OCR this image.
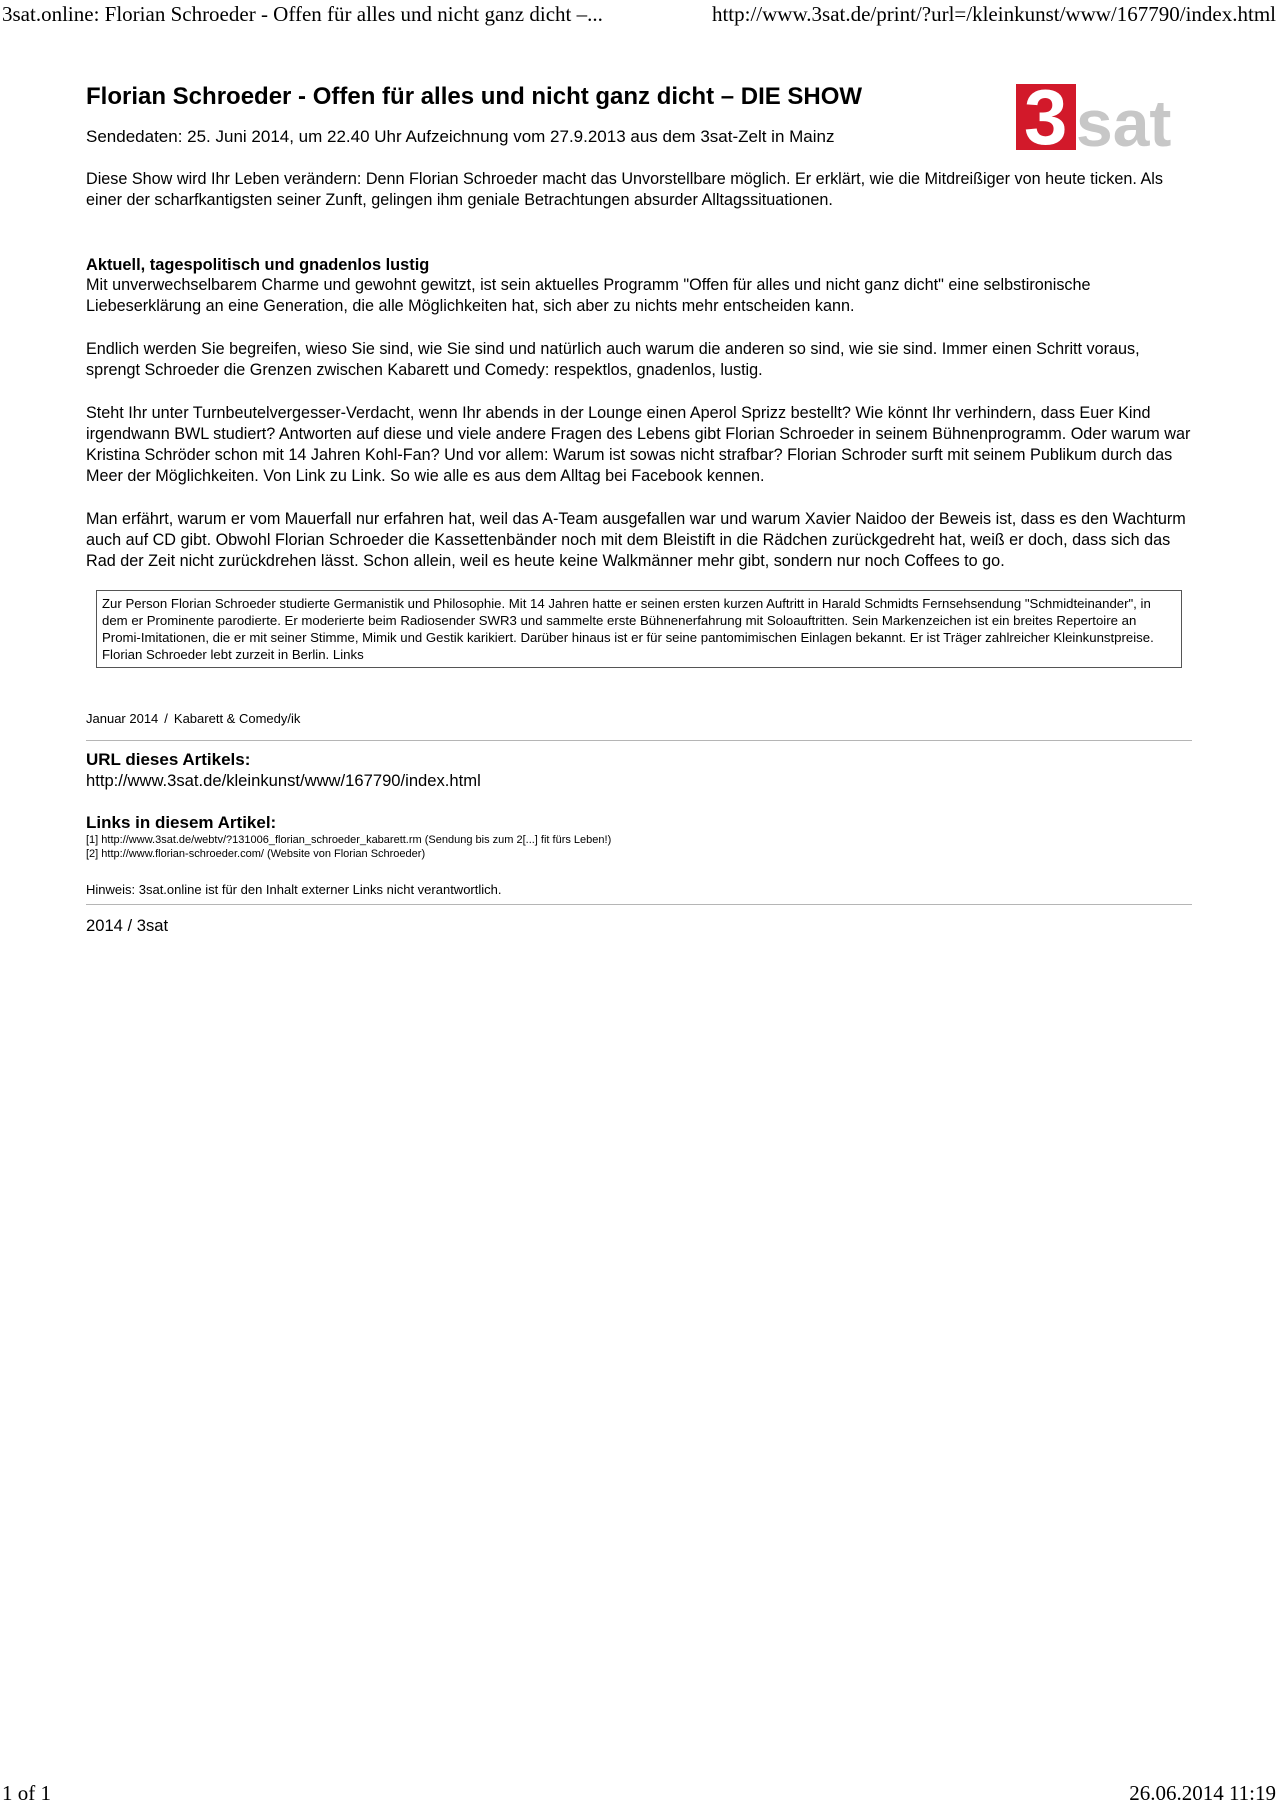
3sat.online: Florian Schroeder - Offen für alles und nicht ganz dicht –...	http://www.3sat.de/print/?url=/kleinkunst/www/167790/index.html
3 sat
Florian Schroeder - Offen für alles und nicht ganz dicht – DIE SHOW

Sendedaten: 25. Juni 2014, um 22.40 Uhr Aufzeichnung vom 27.9.2013 aus dem 3sat-Zelt in Mainz

Diese Show wird Ihr Leben verändern: Denn Florian Schroeder macht das Unvorstellbare möglich. Er erklärt, wie die Mitdreißiger von heute ticken. Als einer der scharfkantigsten seiner Zunft, gelingen ihm geniale Betrachtungen absurder Alltagssituationen.

Aktuell, tagespolitisch und gnadenlos lustig

Mit unverwechselbarem Charme und gewohnt gewitzt, ist sein aktuelles Programm "Offen für alles und nicht ganz dicht" eine selbstironische Liebeserklärung an eine Generation, die alle Möglichkeiten hat, sich aber zu nichts mehr entscheiden kann.

Endlich werden Sie begreifen, wieso Sie sind, wie Sie sind und natürlich auch warum die anderen so sind, wie sie sind. Immer einen Schritt voraus, sprengt Schroeder die Grenzen zwischen Kabarett und Comedy: respektlos, gnadenlos, lustig.

Steht Ihr unter Turnbeutelvergesser-Verdacht, wenn Ihr abends in der Lounge einen Aperol Sprizz bestellt? Wie könnt Ihr verhindern, dass Euer Kind irgendwann BWL studiert? Antworten auf diese und viele andere Fragen des Lebens gibt Florian Schroeder in seinem Bühnenprogramm. Oder warum war Kristina Schröder schon mit 14 Jahren Kohl-Fan? Und vor allem: Warum ist sowas nicht strafbar? Florian Schroder surft mit seinem Publikum durch das Meer der Möglichkeiten. Von Link zu Link. So wie alle es aus dem Alltag bei Facebook kennen.

Man erfährt, warum er vom Mauerfall nur erfahren hat, weil das A-Team ausgefallen war und warum Xavier Naidoo der Beweis ist, dass es den Wachturm auch auf CD gibt. Obwohl Florian Schroeder die Kassettenbänder noch mit dem Bleistift in die Rädchen zurückgedreht hat, weiß er doch, dass sich das Rad der Zeit nicht zurückdrehen lässt. Schon allein, weil es heute keine Walkmänner mehr gibt, sondern nur noch Coffees to go.

Zur Person Florian Schroeder studierte Germanistik und Philosophie. Mit 14 Jahren hatte er seinen ersten kurzen Auftritt in Harald Schmidts Fernsehsendung "Schmidteinander", in dem er Prominente parodierte. Er moderierte beim Radiosender SWR3 und sammelte erste Bühnenerfahrung mit Soloauftritten. Sein Markenzeichen ist ein breites Repertoire an Promi-Imitationen, die er mit seiner Stimme, Mimik und Gestik karikiert. Darüber hinaus ist er für seine pantomimischen Einlagen bekannt. Er ist Träger zahlreicher Kleinkunstpreise. Florian Schroeder lebt zurzeit in Berlin. Links
Januar 2014 / Kabarett & Comedy/ik
URL dieses Artikels:

http://www.3sat.de/kleinkunst/www/167790/index.html

Links in diesem Artikel:
[1] http://www.3sat.de/webtv/?131006_florian_schroeder_kabarett.rm (Sendung bis zum 2[...] fit fürs Leben!)
[2] http://www.florian-schroeder.com/ (Website von Florian Schroeder)

Hinweis: 3sat.online ist für den Inhalt externer Links nicht verantwortlich.

2014 / 3sat

1 of 1	26.06.2014 11:19
